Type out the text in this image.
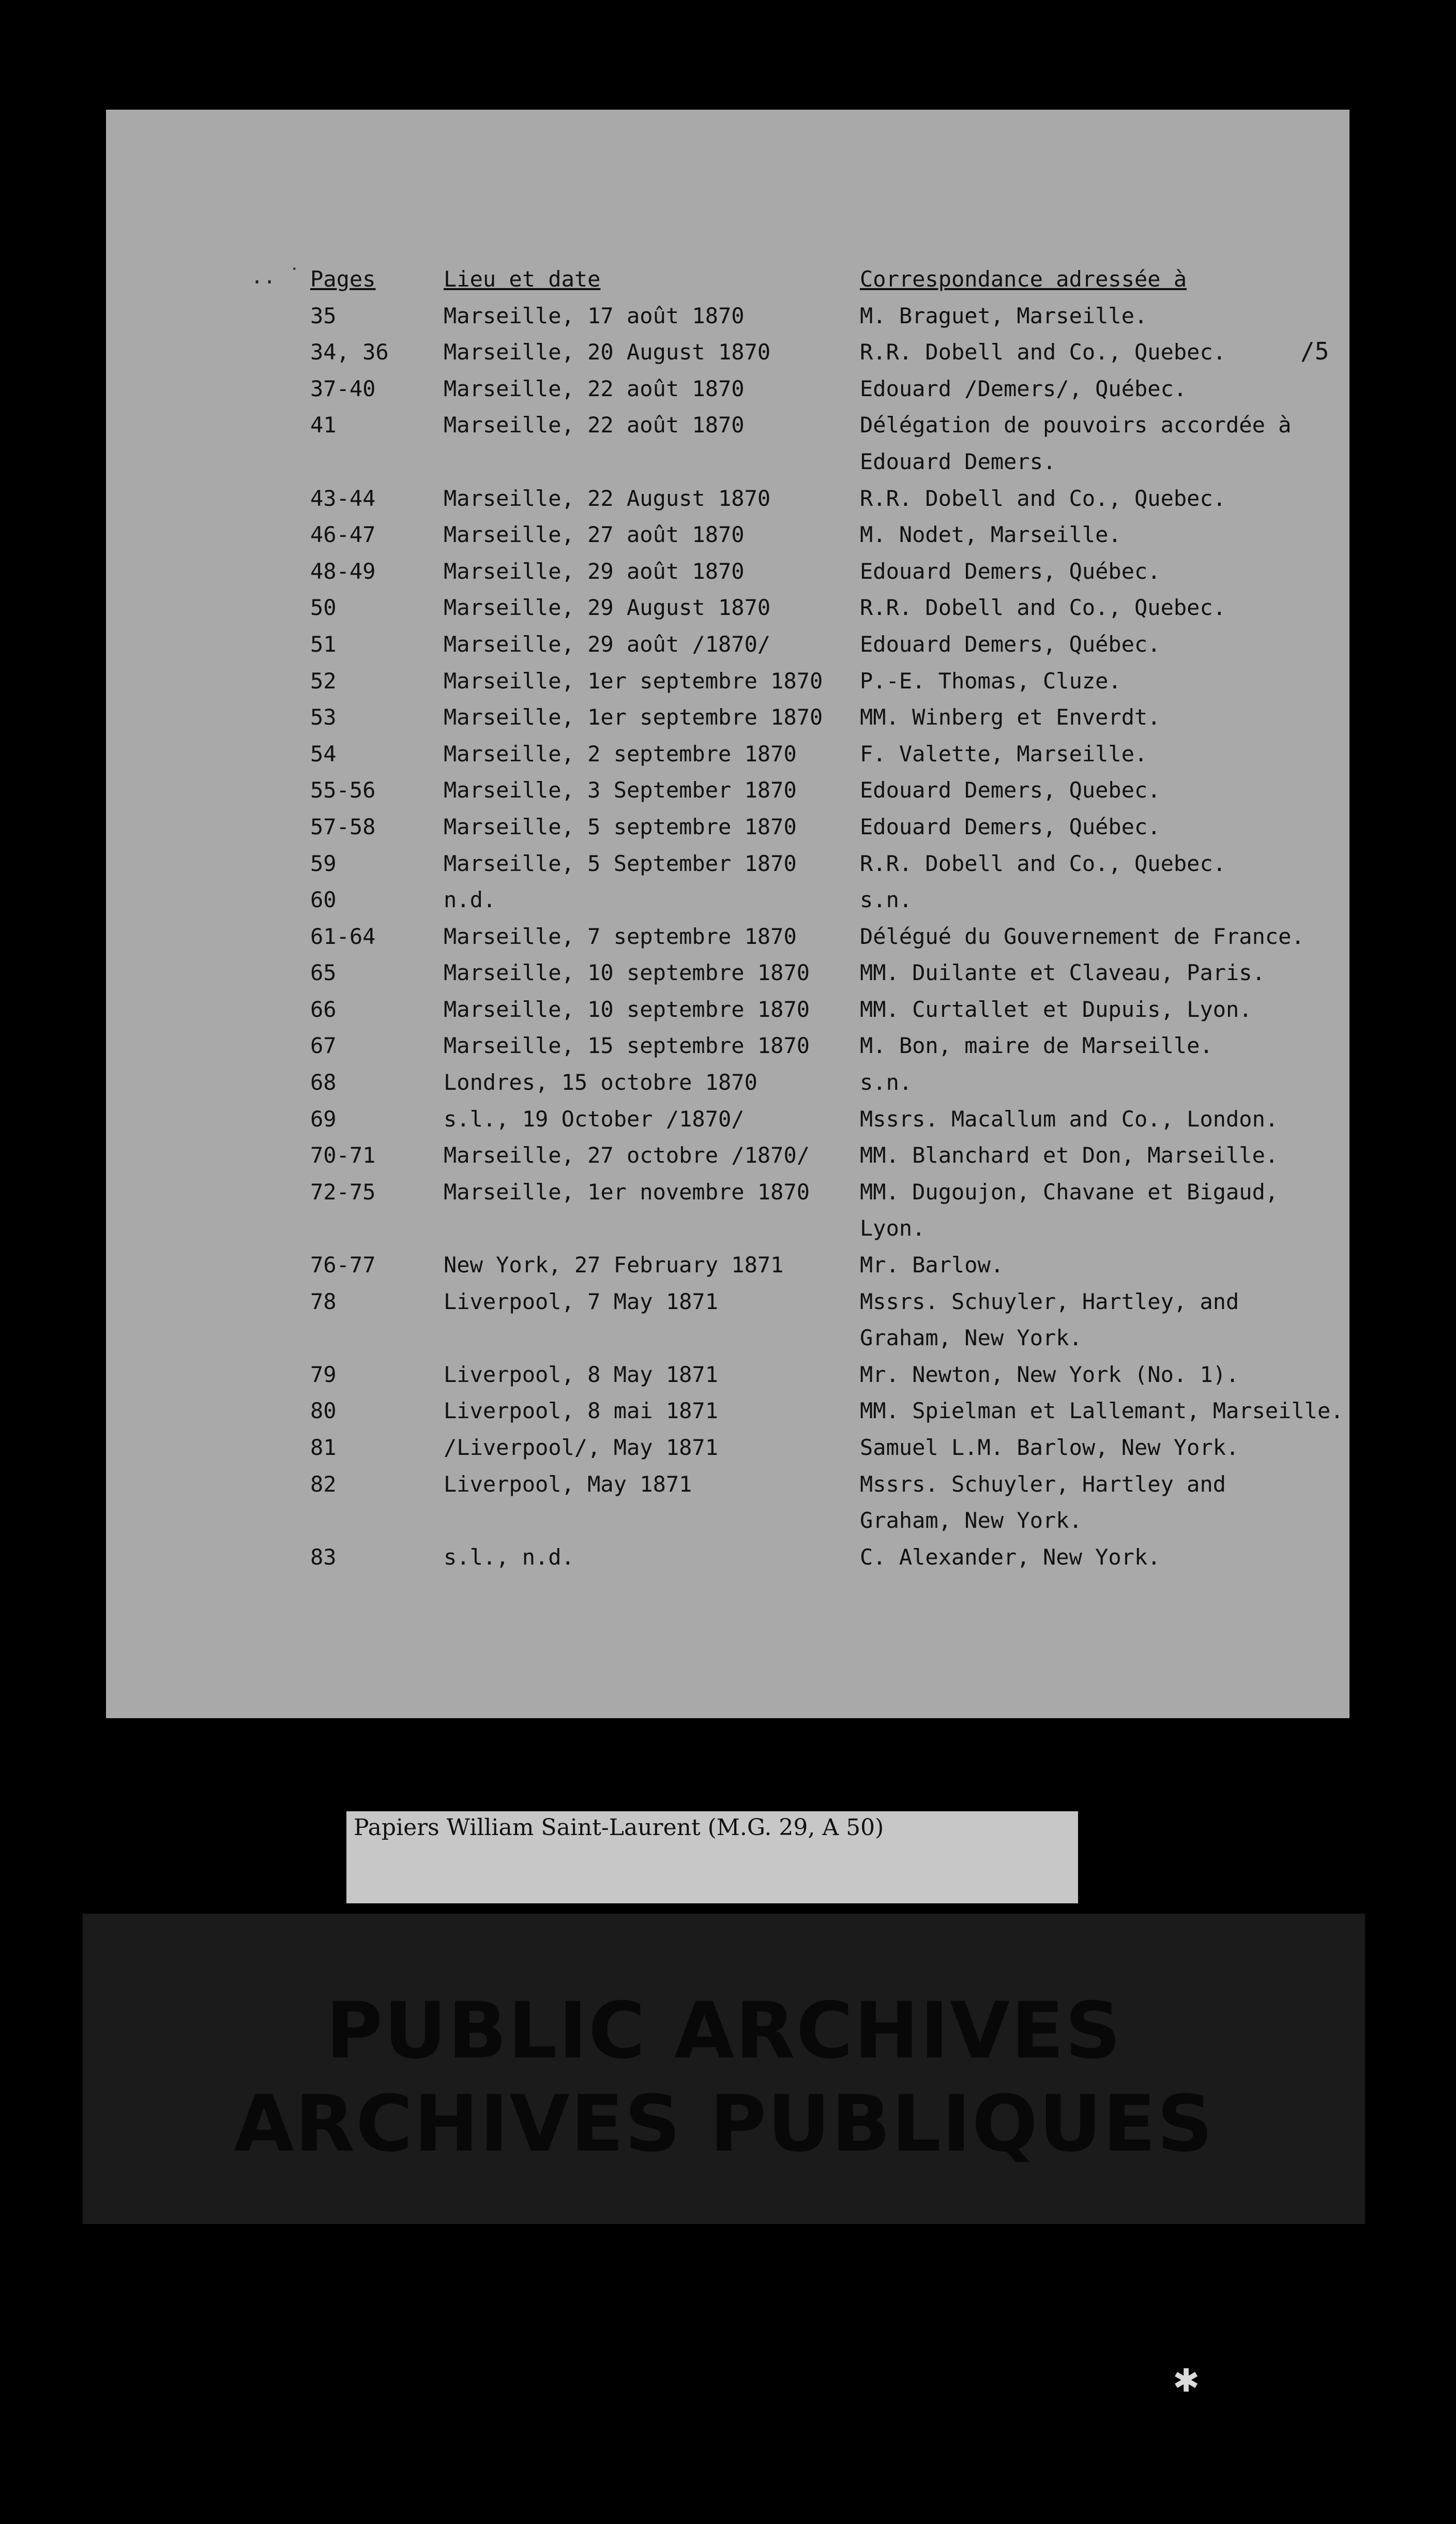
.. ˙
/5
Pages	Lieu et date	Correspondance adressée à
35	Marseille, 17 août 1870	M. Braguet, Marseille.
34, 36	Marseille, 20 August 1870	R.R. Dobell and Co., Quebec.
37-40	Marseille, 22 août 1870	Edouard /Demers/, Québec.
41	Marseille, 22 août 1870	Délégation de pouvoirs accordée à
		Edouard Demers.
43-44	Marseille, 22 August 1870	R.R. Dobell and Co., Quebec.
46-47	Marseille, 27 août 1870	M. Nodet, Marseille.
48-49	Marseille, 29 août 1870	Edouard Demers, Québec.
50	Marseille, 29 August 1870	R.R. Dobell and Co., Quebec.
51	Marseille, 29 août /1870/	Edouard Demers, Québec.
52	Marseille, 1er septembre 1870	P.-E. Thomas, Cluze.
53	Marseille, 1er septembre 1870	MM. Winberg et Enverdt.
54	Marseille, 2 septembre 1870	F. Valette, Marseille.
55-56	Marseille, 3 September 1870	Edouard Demers, Quebec.
57-58	Marseille, 5 septembre 1870	Edouard Demers, Québec.
59	Marseille, 5 September 1870	R.R. Dobell and Co., Quebec.
60	n.d.	s.n.
61-64	Marseille, 7 septembre 1870	Délégué du Gouvernement de France.
65	Marseille, 10 septembre 1870	MM. Duilante et Claveau, Paris.
66	Marseille, 10 septembre 1870	MM. Curtallet et Dupuis, Lyon.
67	Marseille, 15 septembre 1870	M. Bon, maire de Marseille.
68	Londres, 15 octobre 1870	s.n.
69	s.l., 19 October /1870/	Mssrs. Macallum and Co., London.
70-71	Marseille, 27 octobre /1870/	MM. Blanchard et Don, Marseille.
72-75	Marseille, 1er novembre 1870	MM. Dugoujon, Chavane et Bigaud,
		Lyon.
76-77	New York, 27 February 1871	Mr. Barlow.
78	Liverpool, 7 May 1871	Mssrs. Schuyler, Hartley, and
		Graham, New York.
79	Liverpool, 8 May 1871	Mr. Newton, New York (No. 1).
80	Liverpool, 8 mai 1871	MM. Spielman et Lallemant, Marseille.
81	/Liverpool/, May 1871	Samuel L.M. Barlow, New York.
82	Liverpool, May 1871	Mssrs. Schuyler, Hartley and
		Graham, New York.
83	s.l., n.d.	C. Alexander, New York.
Papiers William Saint-Laurent (M.G. 29, A 50)
PUBLIC ARCHIVES
ARCHIVES PUBLIQUES
✱
